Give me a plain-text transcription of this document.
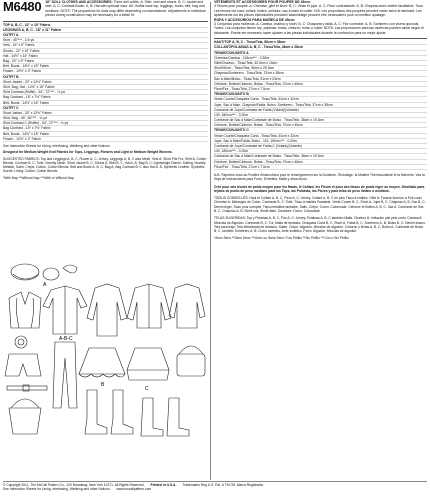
M6480 18" DOLL CLOTHES AND ACCESSORIES: Three doll outfits. A: Shirt, vest and shorts. B, C: Jacket and skirt. A, C: Contrast flower. A, B: Hat with optional visor. All: Outfits have top, leggings, boots, belt, bag and necklace. NOTE: The proportions for dolls may differ depending on manufacturer. Adjustments to individual pieces during construction may be necessary for a better fit.
TOP A, B, C - 22" x 15" Fabric
LEGGINGS A, B, C - 18" x 11" Fabric
OUTFIT A
Shirt - 45"*** - 1/4 yd
Vest - 16" x 6" Fabric
Shorts - 22" x 10" Fabric
Hat - 14½" x 15" Fabric
Bag - 20" x 9" Fabric
Belt, Boots - 14½" x 18" Fabric
Flower - 10½" x 3" Fabric
OUTFIT B
Short Jacket - 20" x 12½" Fabric
Skirt, Bag, Hat - 14½" x 15" Fabric
Skirt Contrast (Ruffle) - 54", 72"*** - ⅛ yd
Bag Contrast - 15" x 7½" Fabric
Belt, Boots - 14½" x 18" Fabric
OUTFIT C
Short Jacket - 20" x 12½" Fabric
Skirt, Bag - 45", 60"*** - ⅛ yd
Skirt Contrast C (Ruffle) - 54", 72"*** - ⅛ yd
Bag Contrast - 15" x 7½" Fabric
Belt, Boots - 14½" x 18" Fabric
Flower - 10½" x 3" Fabric
See Instruction Sheets for Lining, Interfacing, Webbing and other Notions.
Designed for Medium Weight Knit Fabrics for Tops, Leggings, Flowers and Light or Medium Weight Wovens.
SUGGESTED FABRICS: Top and Leggings A, B, C, Flower A, C: Jersey. Leggings A, B, C also Mesh. Vest A: Short Pile Fur. Shirt A: Cotton Blends. Contrast B, C: Tulle, Novelty Mesh. Short Jacket B, C, Shorts A, Skirt B, C, Hat A, B, Bag B, C: Lightweight Denim, Suiting, Novelty Metallic, Satin, Crepe, Cotton, Cotton Blends. Belt and Boots A, B, C, Bag A, Bag Contrast B, C also Hat A, B: Synthetic Leather, Synthetic Suede. Lining: Cotton, Cotton Blends.
*With Nap **Without Nap ***With or Without Nap
A
A-B-C
B
C
VÊTEMENTS ET ACCESSOIRES POUR POUPÉE DE 45cm:
3 Tenues pour poupée. A: Chemise, gilet et short. B, C: Veste et jupe. A, C: Fleur contrastante. A, B: Chapeau avec visière facultative. Tous: Les tenues ont haut, collant, bottes, ceinture, sac à main et collier. N.B: Les proportions des poupées peuvent varier selon le fabricant. Les ajustements sur les pièces individuelles pendant l'assemblage peuvent être nécessaires pour un meilleur ajustage.
ROPA Y ACCESORIOS PARA MUÑECA DE 45cm:
3 Conjuntos para muñecas. A: Camisa, chaleco y short. B, C: Chaqueta y falda. A, C: Flor contraste. A, B: Sombrero con visera opcional. Todos: Los conjuntos tienen top, polainas, botas, cinturón, bolso y collar. NOTA: Las proporciones para las muñecas pueden variar según el fabricante. Puede ser necesario hacer ajustes a las piezas individuales durante la confección para un mejor ajuste.
HAUT/TOP A, B, C - Tissu/Tela, 56cm x 38cm
COLLANT/POLAINAS A, B, C - Tissu/Tela, 46cm x 28cm
TENUE/CONJUNTO A
Chemise/Camisa - 115cm*** - 0.30m
Gilet/Chaleco - Tissu/Tela, 40.5cm x 15cm
Short/Short - Tissu/Tela, 56cm x 25.5cm
Chapeau/Sombrero - Tissu/Tela, 37cm x 38cm
Sac à Main/Bolso - Tissu/Tela, 51cm x 23cm
Ceinture, Bottes/Cinturón, Botas - Tissu/Tela, 37cm x 45cm
Fleur/Flor - Tissu/Tela, 27cm x 7.5cm
TENUE/CONJUNTO B
Veste Courte/Chaqueta Corta - Tissu/Tela, 51cm x 32cm
Jupe, Sac à Main, Chapeau/Falda, Bolso, Sombrero - Tissu/Tela, 37cm x 38cm
Contraste de Jupe/Contraste de Falda (Volant)/(Volante)
140, 180cm*** - 0.20m
Contraste de Sac à Main/Contraste de Bolso - Tissu/Tela, 38cm x 19.3cm
Ceinture, Bottes/Cinturón, Botas - Tissu/Tela, 37cm x 45cm
TENUE/CONJUNTO C
Veste Courte/Chaqueta Corta - Tissu/Tela, 51cm x 32cm
Jupe, Sac à Main/Falda, Bolso - 115, 150cm*** - 0.20m
Contraste de Jupe/Contraste de Falda C (Volant)/(Volante)
140, 180cm*** - 0.20m
Contraste de Sac à Main/Contraste de Bolso - Tissu/Tela, 38cm x 19.3cm
Ceinture, Bottes/Cinturón, Botas - Tissu/Tela, 37cm x 45cm
Fleur/Flor - Tissu/Tela, 27cm x 7.5cm
N.B. Reportez-vous au Feuillet d'instructions pour le renseignement sur la Doublure, l'Entoilage, la Matière Thermocollante et la Mercerie. Vea la Hoja de Instrucciones para Forro, Entretela, Malla y otros Avíos.
Créé pour des tricots de poids moyen pour les Hauts, le Collant, les Fleurs et pour des tissus de poids léger ou moyen. Diseñado para tejidos de punto de peso mediano para los Tops, las Polainas, las Flores y para telas de peso liviano o mediano.
TISSUS CONSEILLÉS: Haut et Collant A, B, C, Fleur A, C: Jersey. Collant A, B, C en plus Tissu à mailles. Gilet A: Fausse fourrure à Poil court. Chemise A: Mélanges de Coton. Contraste B, C: Tulle, Tissu à mailles Fantaisie. Veste Courte B, C, Short A, Jupe B, C, Chapeau A, B, Sac B, C: Denim léger, Tissu pour complet, Tissu métallisé fantaisie, Satin, Crêpe, Coton, Cotonnade. Ceinture et Bottes A, B, C, Sac A, Contraste de Sac B, C, Chapeau A, B: Simili cuir, Simili daim. Doublure: Coton, Cotonnade.
TELAS SUGERIDAS: Top y Polainas A, B, C, Flor A, C: Jersey. Polainas A, B, C también Malla. Chaleco A: Imitación piel pelo corto. Camisa A: Mezclas de Algodón. Contraste B, C: Tul, Malla de fantasía. Chaqueta Corta B, C, Short A, Falda B, C, Sombrero A, B, Bolso B, C: Denim liviano, Tela para traje, Tela Metalizada de fantasía, Satén, Crepé, Algodón, Mezclas de algodón. Cinturón y Botas A, B, C, Bolso A, Contraste de Bolso B, C, también Sombrero A, B: Cuero sintético, Ante sintético. Forro: Algodón, Mezclas de algodón.
*Avec Sens **Sans Sens ***Avec ou Sans Sens *Con Pelillo **Sin Pelillo ***Con o Sin Pelillo
© Copyright 2011, The McCall Pattern Co., 120 Broadway, New York 10271. All Rights Reserved. Printed in U.S.A. Trademarks Reg U.S. Pat. & TM Off. Marca Registrada.
See Instruction Sheets for Lining, Interfacing, Webbing and other Notions. www.mccallpattern.com
